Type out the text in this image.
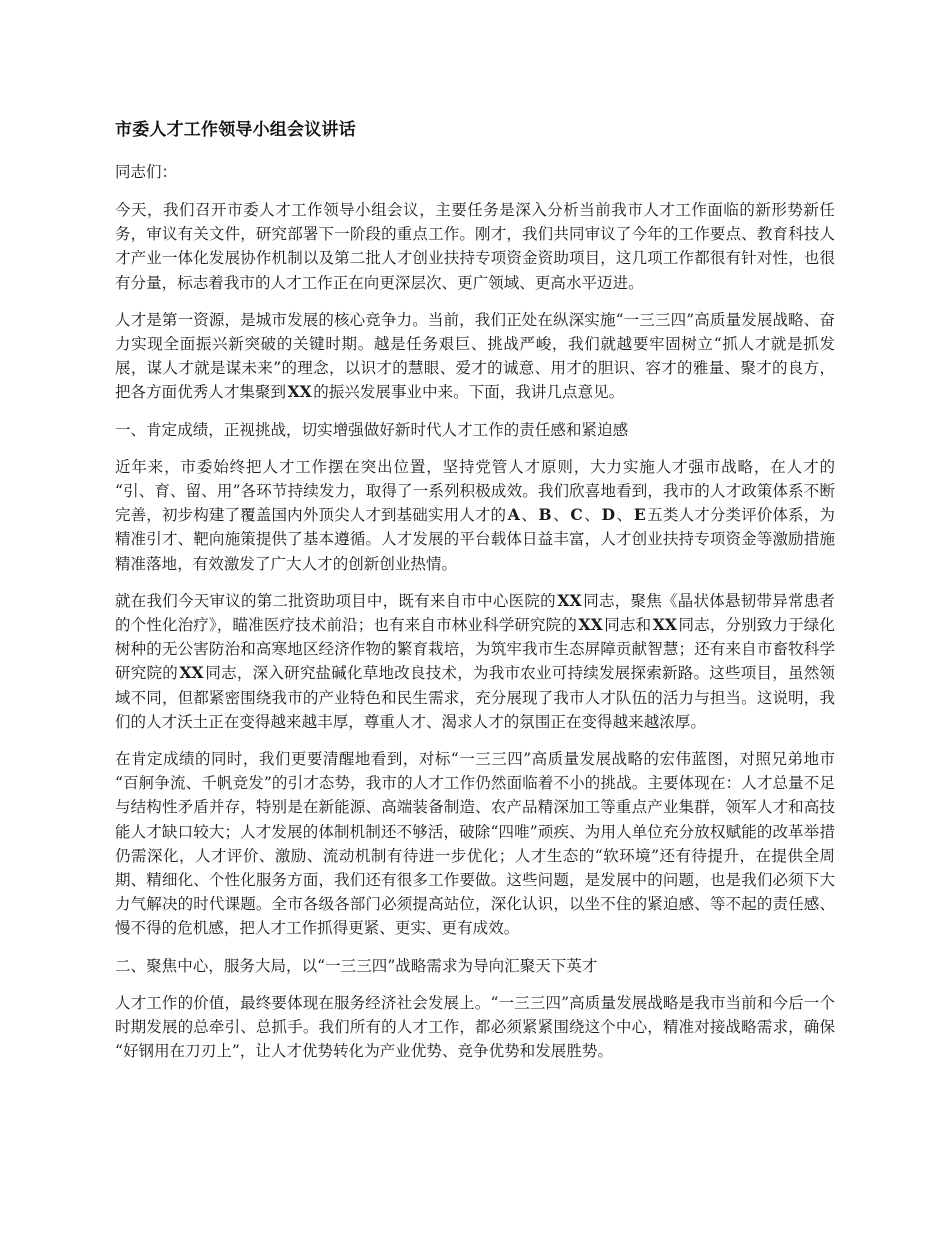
市委人才工作领导小组会议讲话

同志们：

今天，我们召开市委人才工作领导小组会议，主要任务是深入分析当前我市人才工作面临的新形势新任务，审议有关文件，研究部署下一阶段的重点工作。刚才，我们共同审议了今年的工作要点、教育科技人才产业一体化发展协作机制以及第二批人才创业扶持专项资金资助项目，这几项工作都很有针对性，也很有分量，标志着我市的人才工作正在向更深层次、更广领域、更高水平迈进。

人才是第一资源，是城市发展的核心竞争力。当前，我们正处在纵深实施“一三三四”高质量发展战略、奋力实现全面振兴新突破的关键时期。越是任务艰巨、挑战严峻，我们就越要牢固树立“抓人才就是抓发展，谋人才就是谋未来”的理念，以识才的慧眼、爱才的诚意、用才的胆识、容才的雅量、聚才的良方，把各方面优秀人才集聚到XX的振兴发展事业中来。下面，我讲几点意见。

一、肯定成绩，正视挑战，切实增强做好新时代人才工作的责任感和紧迫感

近年来，市委始终把人才工作摆在突出位置，坚持党管人才原则，大力实施人才强市战略，在人才的“引、育、留、用”各环节持续发力，取得了一系列积极成效。我们欣喜地看到，我市的人才政策体系不断完善，初步构建了覆盖国内外顶尖人才到基础实用人才的A、B、C、D、E五类人才分类评价体系，为精准引才、靶向施策提供了基本遵循。人才发展的平台载体日益丰富，人才创业扶持专项资金等激励措施精准落地，有效激发了广大人才的创新创业热情。

就在我们今天审议的第二批资助项目中，既有来自市中心医院的XX同志，聚焦《晶状体悬韧带异常患者的个性化治疗》，瞄准医疗技术前沿；也有来自市林业科学研究院的XX同志和XX同志，分别致力于绿化树种的无公害防治和高寒地区经济作物的繁育栽培，为筑牢我市生态屏障贡献智慧；还有来自市畜牧科学研究院的XX同志，深入研究盐碱化草地改良技术，为我市农业可持续发展探索新路。这些项目，虽然领域不同，但都紧密围绕我市的产业特色和民生需求，充分展现了我市人才队伍的活力与担当。这说明，我们的人才沃土正在变得越来越丰厚，尊重人才、渴求人才的氛围正在变得越来越浓厚。

在肯定成绩的同时，我们更要清醒地看到，对标“一三三四”高质量发展战略的宏伟蓝图，对照兄弟地市“百舸争流、千帆竞发”的引才态势，我市的人才工作仍然面临着不小的挑战。主要体现在：人才总量不足与结构性矛盾并存，特别是在新能源、高端装备制造、农产品精深加工等重点产业集群，领军人才和高技能人才缺口较大；人才发展的体制机制还不够活，破除“四唯”顽疾、为用人单位充分放权赋能的改革举措仍需深化，人才评价、激励、流动机制有待进一步优化；人才生态的“软环境”还有待提升，在提供全周期、精细化、个性化服务方面，我们还有很多工作要做。这些问题，是发展中的问题，也是我们必须下大力气解决的时代课题。全市各级各部门必须提高站位，深化认识，以坐不住的紧迫感、等不起的责任感、慢不得的危机感，把人才工作抓得更紧、更实、更有成效。

二、聚焦中心，服务大局，以“一三三四”战略需求为导向汇聚天下英才

人才工作的价值，最终要体现在服务经济社会发展上。“一三三四”高质量发展战略是我市当前和今后一个时期发展的总牵引、总抓手。我们所有的人才工作，都必须紧紧围绕这个中心，精准对接战略需求，确保“好钢用在刀刃上”，让人才优势转化为产业优势、竞争优势和发展胜势。
